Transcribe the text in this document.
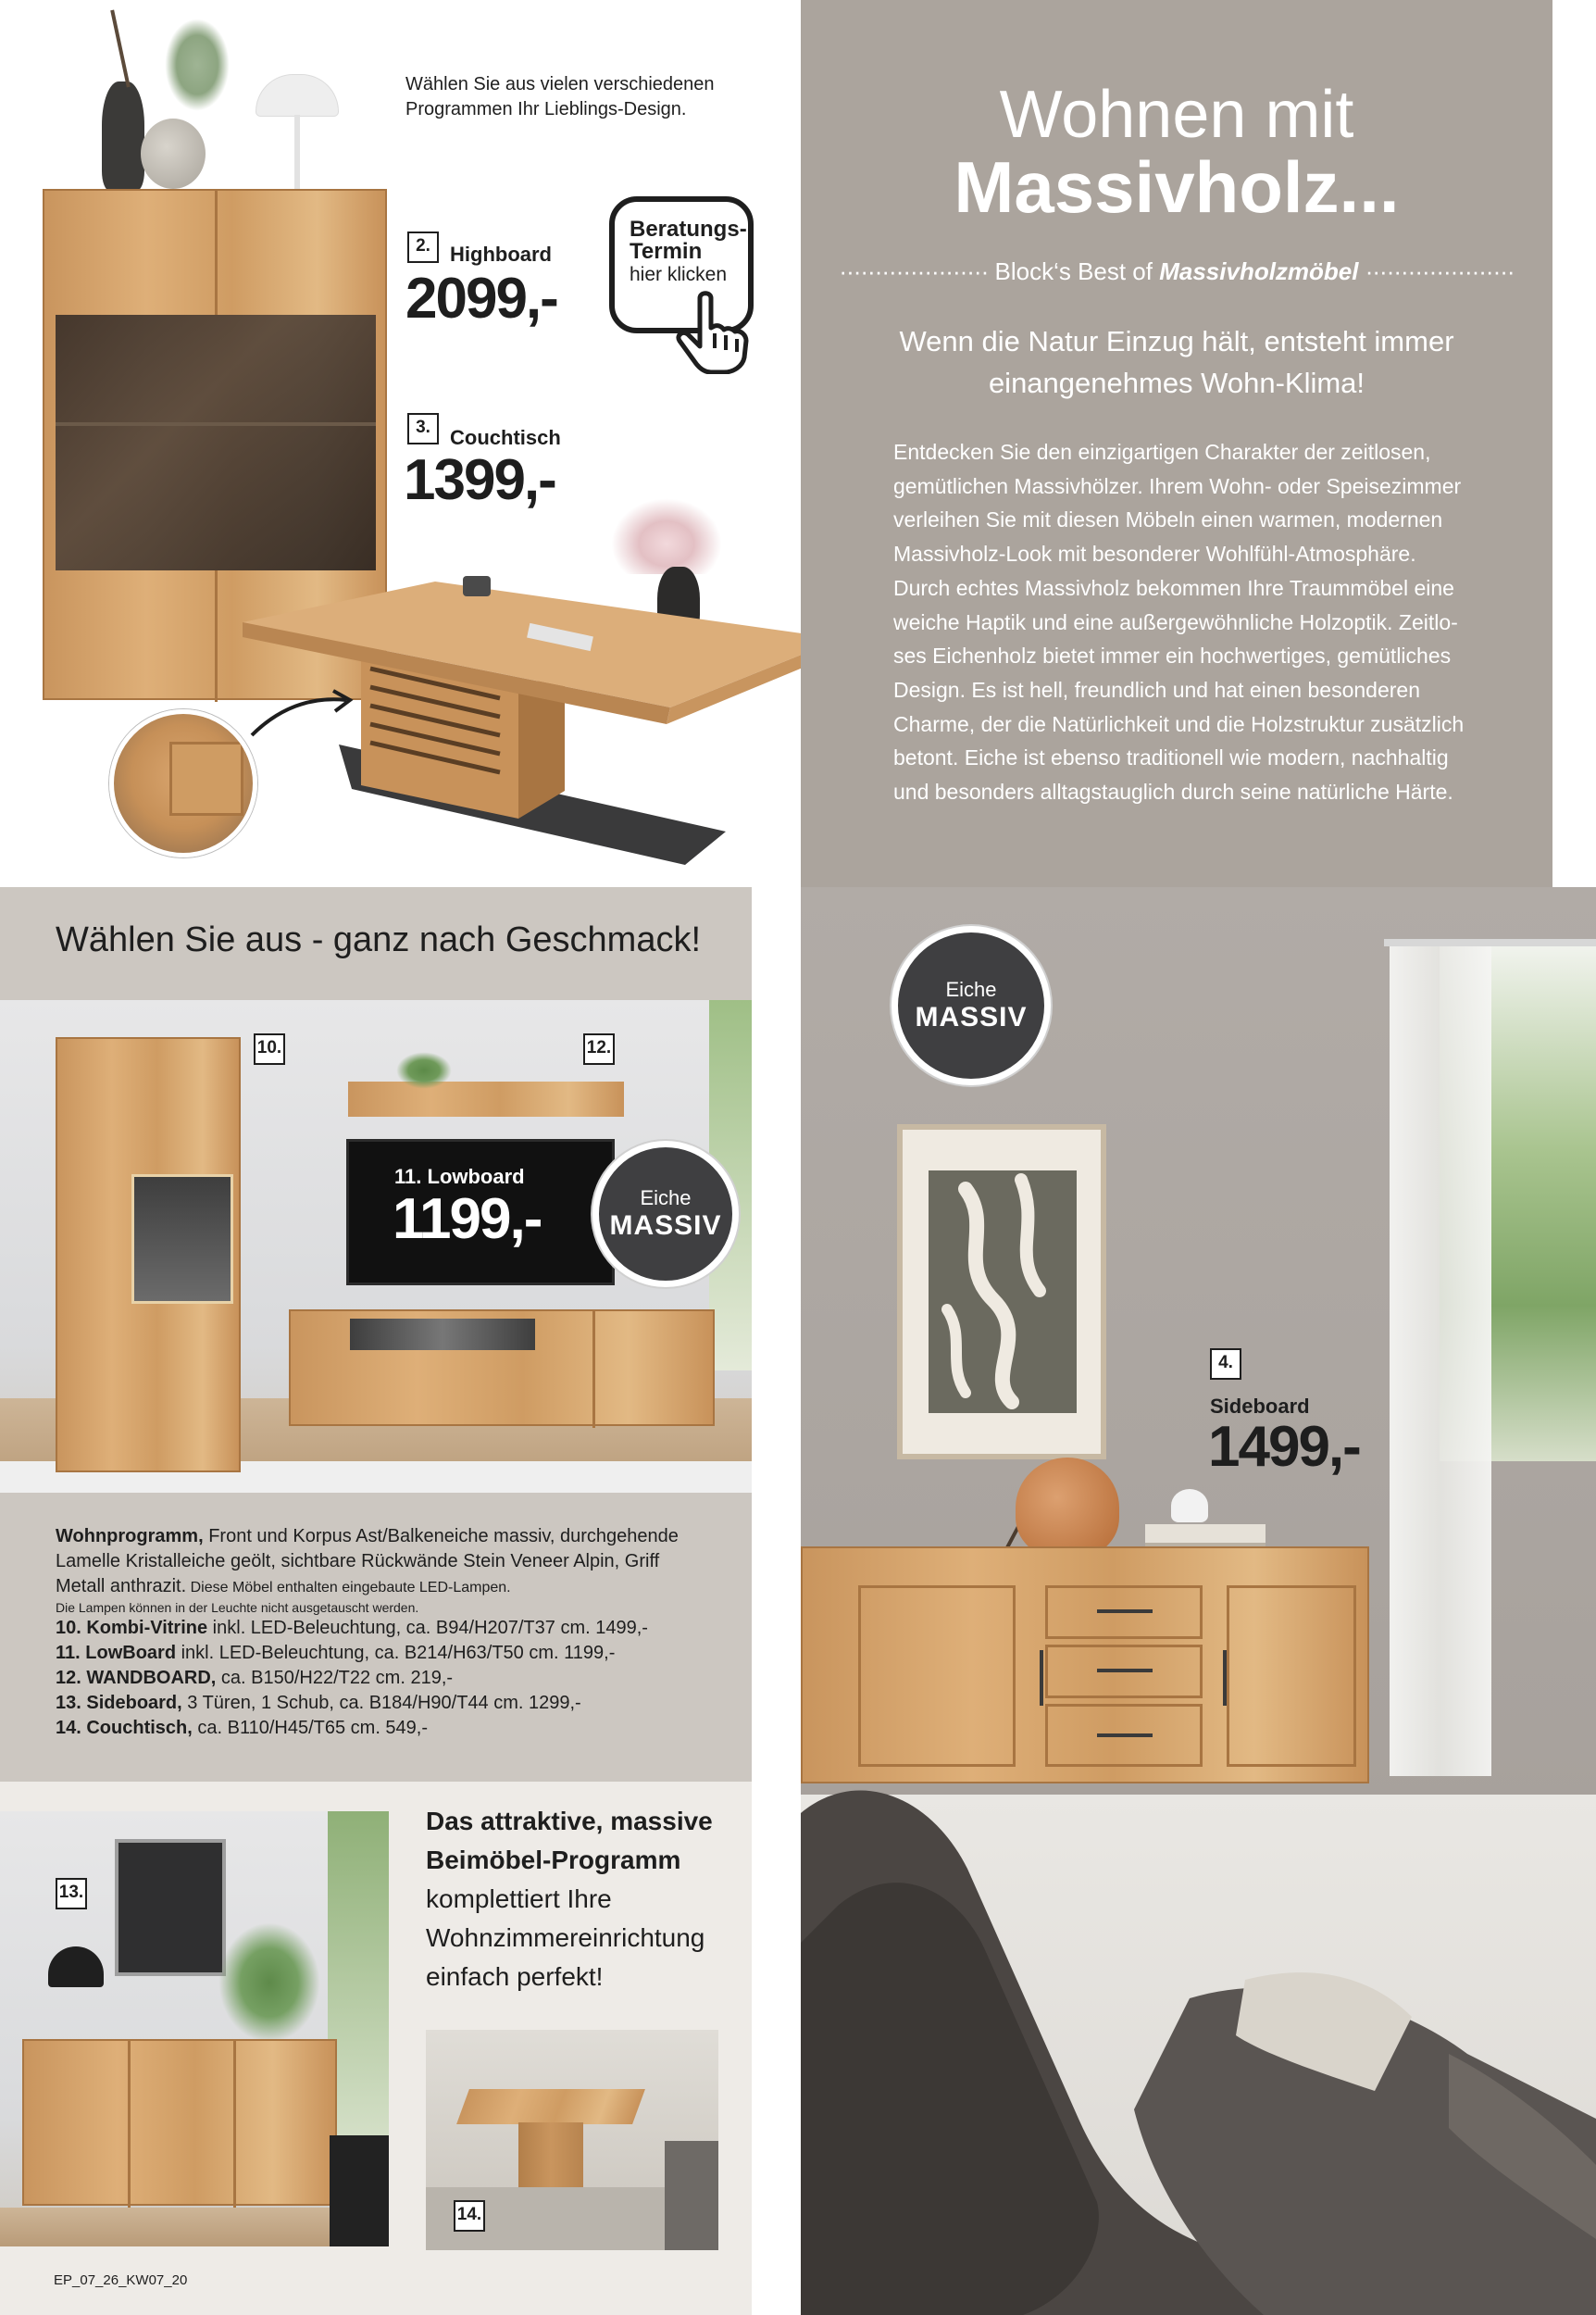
Wählen Sie aus vielen verschiedenen Programmen Ihr Lieblings-Design.
Beratungs-
Termin
hier klicken
2. Highboard
2099,-
3. Couchtisch
1399,-
Wohnen mit
Massivholz...
····················· Block‘s Best of Massivholzmöbel ·····················
Wenn die Natur Einzug hält, entsteht immer einangenehmes Wohn-Klima!
Entdecken Sie den einzigartigen Charakter der zeitlosen, gemütlichen Massivhölzer. Ihrem Wohn- oder Speisezimmer verleihen Sie mit diesen Möbeln einen warmen, modernen Massivholz-Look mit besonderer Wohlfühl-Atmosphäre. Durch echtes Massivholz bekommen Ihre Traummöbel eine weiche Haptik und eine außergewöhnliche Holzoptik. Zeitloses Eichenholz bietet immer ein hochwertiges, gemütliches Design. Es ist hell, freundlich und hat einen besonderen Charme, der die Natürlichkeit und die Holzstruktur zusätzlich betont. Eiche ist ebenso traditionell wie modern, nachhaltig und besonders alltagstauglich durch seine natürliche Härte.
Wählen Sie aus - ganz nach Geschmack!
10.	12.
11. Lowboard
1199,-	Eiche
MASSIV
Wohnprogramm, Front und Korpus Ast/Balkeneiche massiv, durchgehende Lamelle Kristalleiche geölt, sichtbare Rückwände Stein Veneer Alpin, Griff Metall anthrazit. Diese Möbel enthalten eingebaute LED-Lampen.
Die Lampen können in der Leuchte nicht ausgetauscht werden.
10. Kombi-Vitrine inkl. LED-Beleuchtung, ca. B94/H207/T37 cm. 1499,-
11. LowBoard inkl. LED-Beleuchtung, ca. B214/H63/T50 cm. 1199,-
12. WANDBOARD, ca. B150/H22/T22 cm. 219,-
13. Sideboard, 3 Türen, 1 Schub, ca. B184/H90/T44 cm. 1299,-
14. Couchtisch, ca. B110/H45/T65 cm. 549,-
13.
Das attraktive, massive
Beimöbel-Programm
komplettiert Ihre
Wohnzimmereinrichtung
einfach perfekt!
14.
EP_07_26_KW07_20
4.
Sideboard
1499,-
Eiche
MASSIV
